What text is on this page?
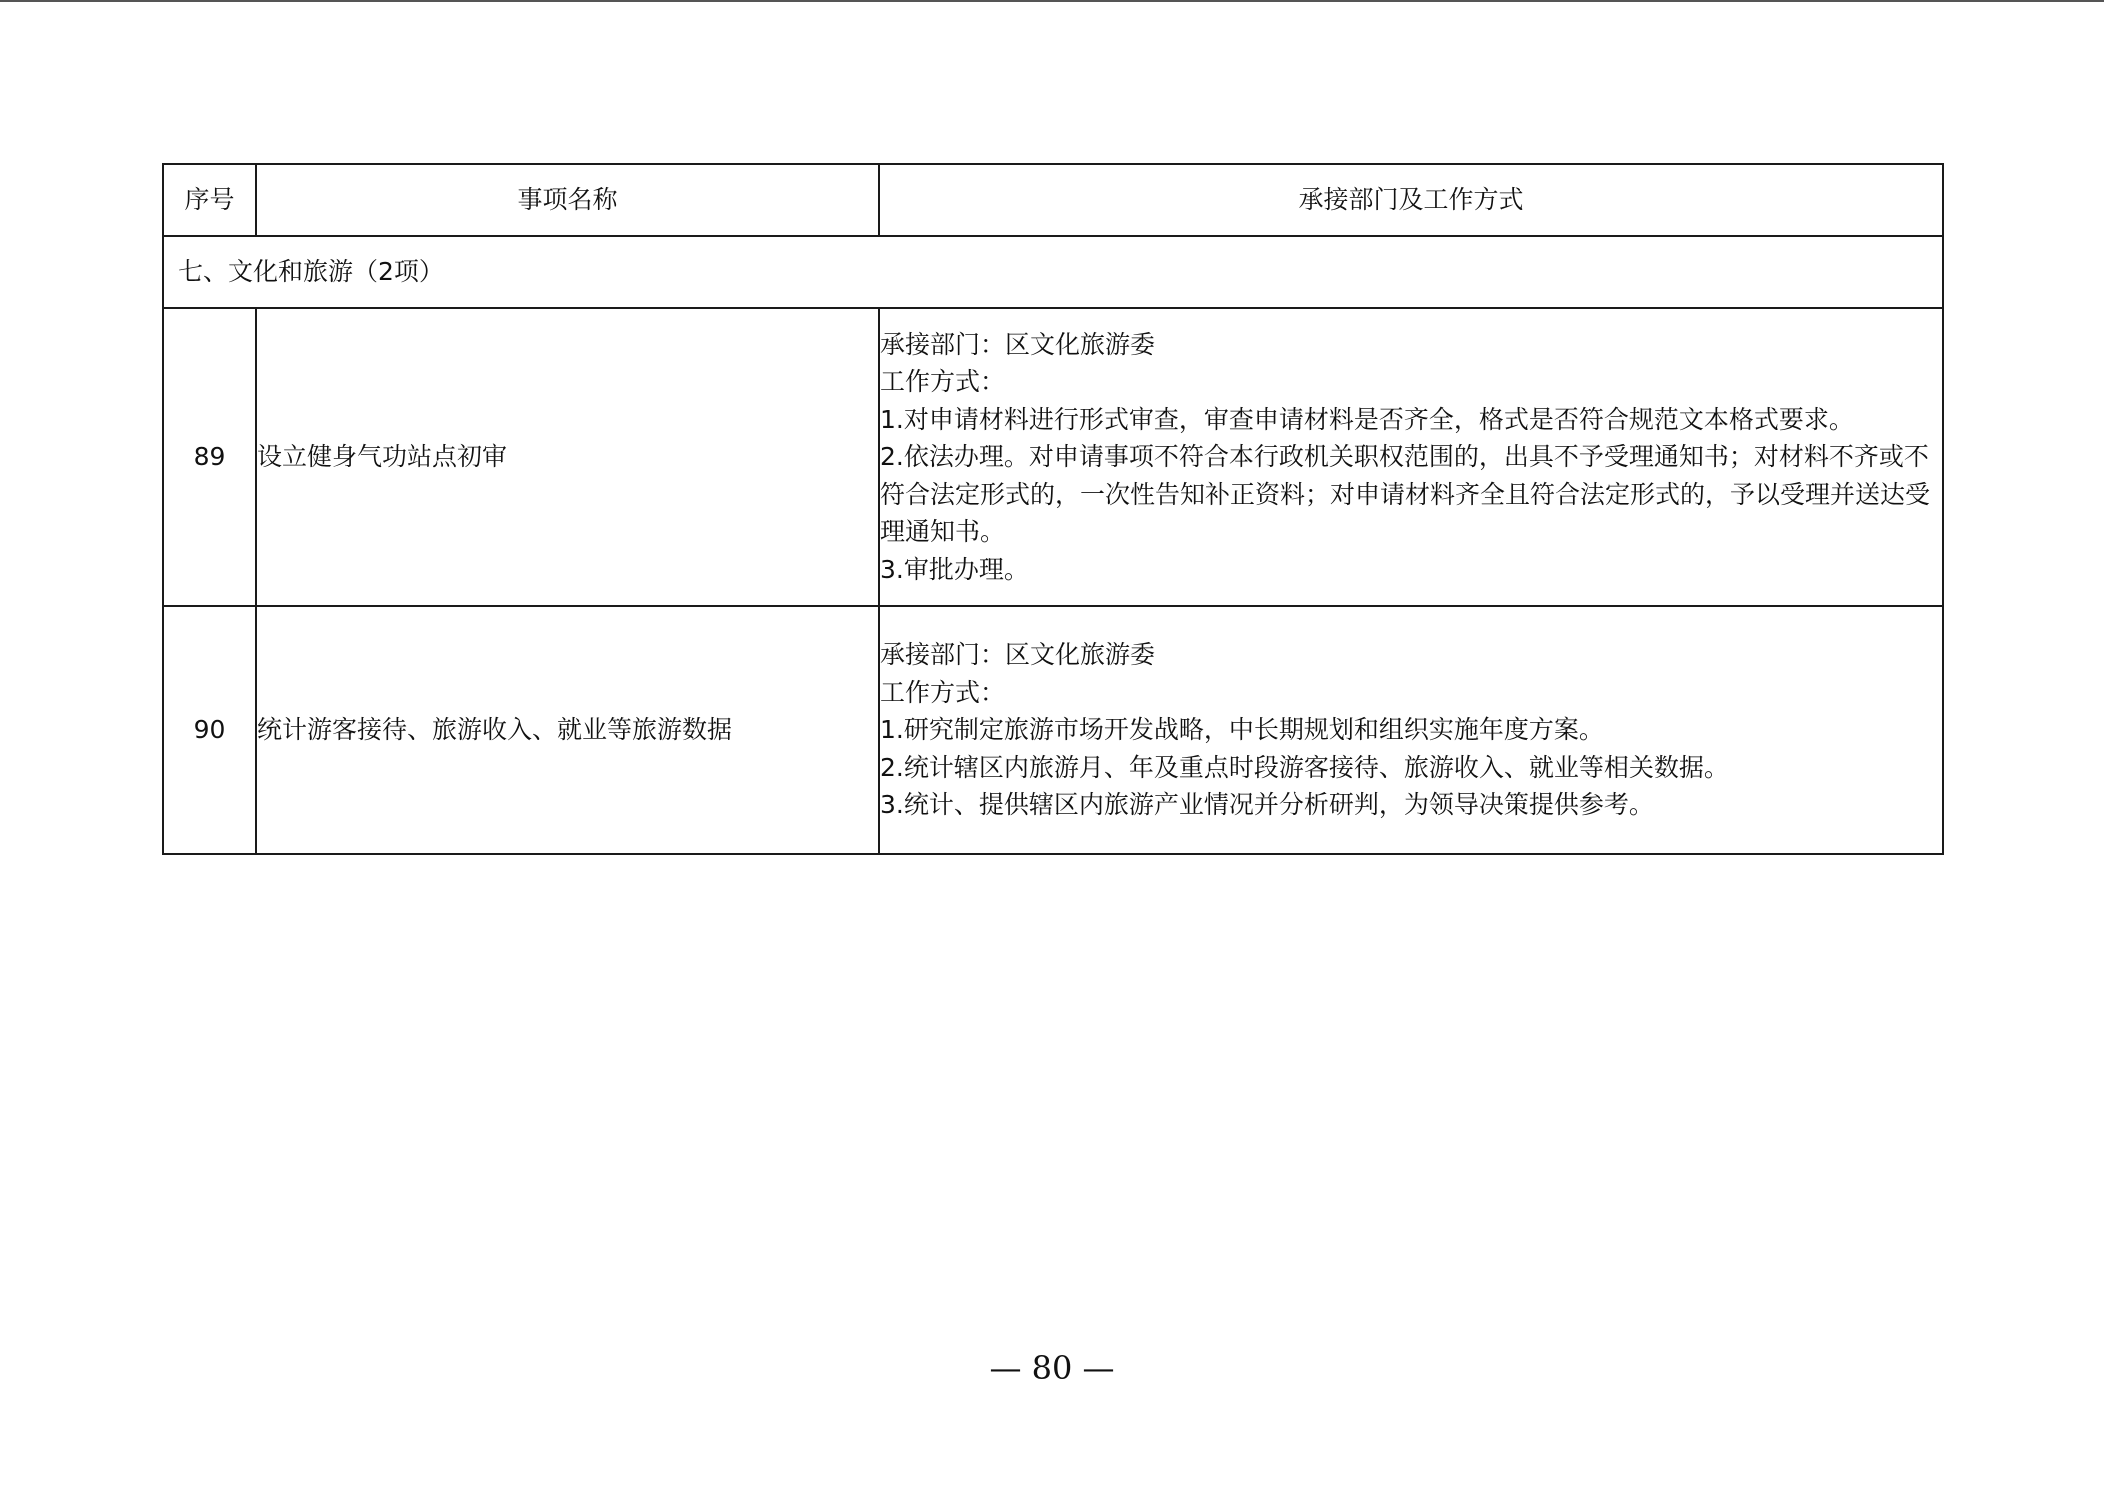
序号	事项名称	承接部门及工作方式
七、文化和旅游（2项）		
89	设立健身气功站点初审	承接部门：区文化旅游委
工作方式：
1.对申请材料进行形式审查，审查申请材料是否齐全，格式是否符合规范文本格式要求。
2.依法办理。对申请事项不符合本行政机关职权范围的，出具不予受理通知书；对材料不齐或不符合法定形式的，一次性告知补正资料；对申请材料齐全且符合法定形式的，予以受理并送达受理通知书。
3.审批办理。

90	统计游客接待、旅游收入、就业等旅游数据	承接部门：区文化旅游委
工作方式：
1.研究制定旅游市场开发战略，中长期规划和组织实施年度方案。
2.统计辖区内旅游月、年及重点时段游客接待、旅游收入、就业等相关数据。
3.统计、提供辖区内旅游产业情况并分析研判，为领导决策提供参考。
— 80 —
